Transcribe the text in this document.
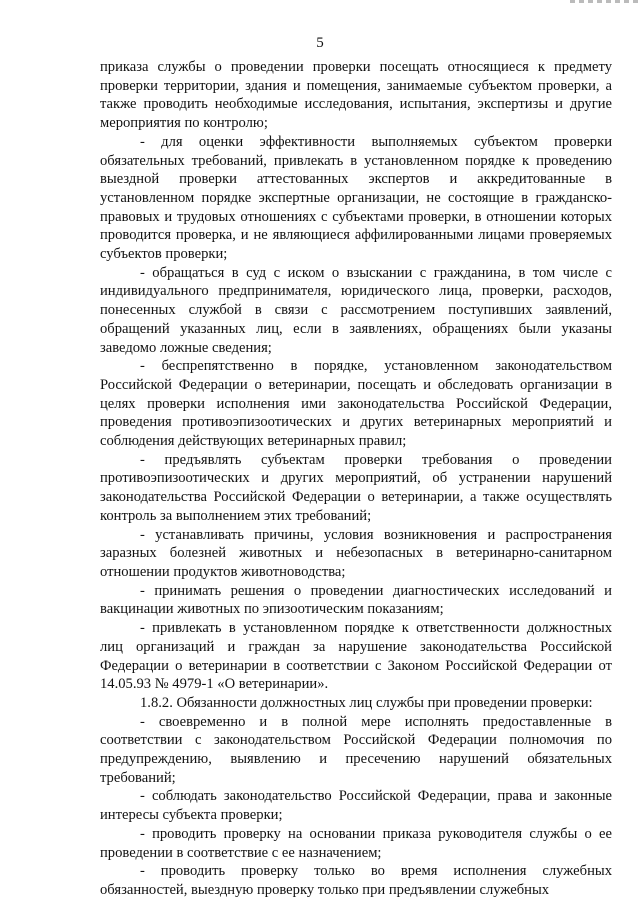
5

приказа службы о проведении проверки посещать относящиеся к предмету проверки территории, здания и помещения, занимаемые субъектом проверки, а также проводить необходимые исследования, испытания, экспертизы и другие мероприятия по контролю;

- для оценки эффективности выполняемых субъектом проверки обязательных требований, привлекать в установленном порядке к проведению выездной проверки аттестованных экспертов и аккредитованные в установленном порядке экспертные организации, не состоящие в гражданско-правовых и трудовых отношениях с субъектами проверки, в отношении которых проводится проверка, и не являющиеся аффилированными лицами проверяемых субъектов проверки;

- обращаться в суд с иском о взыскании с гражданина, в том числе с индивидуального предпринимателя, юридического лица, проверки, расходов, понесенных службой в связи с рассмотрением поступивших заявлений, обращений указанных лиц, если в заявлениях, обращениях были указаны заведомо ложные сведения;

- беспрепятственно в порядке, установленном законодательством Российской Федерации о ветеринарии, посещать и обследовать организации в целях проверки исполнения ими законодательства Российской Федерации, проведения противоэпизоотических и других ветеринарных мероприятий и соблюдения действующих ветеринарных правил;

- предъявлять субъектам проверки требования о проведении противоэпизоотических и других мероприятий, об устранении нарушений законодательства Российской Федерации о ветеринарии, а также осуществлять контроль за выполнением этих требований;

- устанавливать причины, условия возникновения и распространения заразных болезней животных и небезопасных в ветеринарно-санитарном отношении продуктов животноводства;

- принимать решения о проведении диагностических исследований и вакцинации животных по эпизоотическим показаниям;

- привлекать в установленном порядке к ответственности должностных лиц организаций и граждан за нарушение законодательства Российской Федерации о ветеринарии в соответствии с Законом Российской Федерации от 14.05.93 № 4979-1 «О ветеринарии».

1.8.2. Обязанности должностных лиц службы при проведении проверки:

- своевременно и в полной мере исполнять предоставленные в соответствии с законодательством Российской Федерации полномочия по предупреждению, выявлению и пресечению нарушений обязательных требований;

- соблюдать законодательство Российской Федерации, права и законные интересы субъекта проверки;

- проводить проверку на основании приказа руководителя службы о ее проведении в соответствие с ее назначением;

- проводить проверку только во время исполнения служебных обязанностей, выездную проверку только при предъявлении служебных
